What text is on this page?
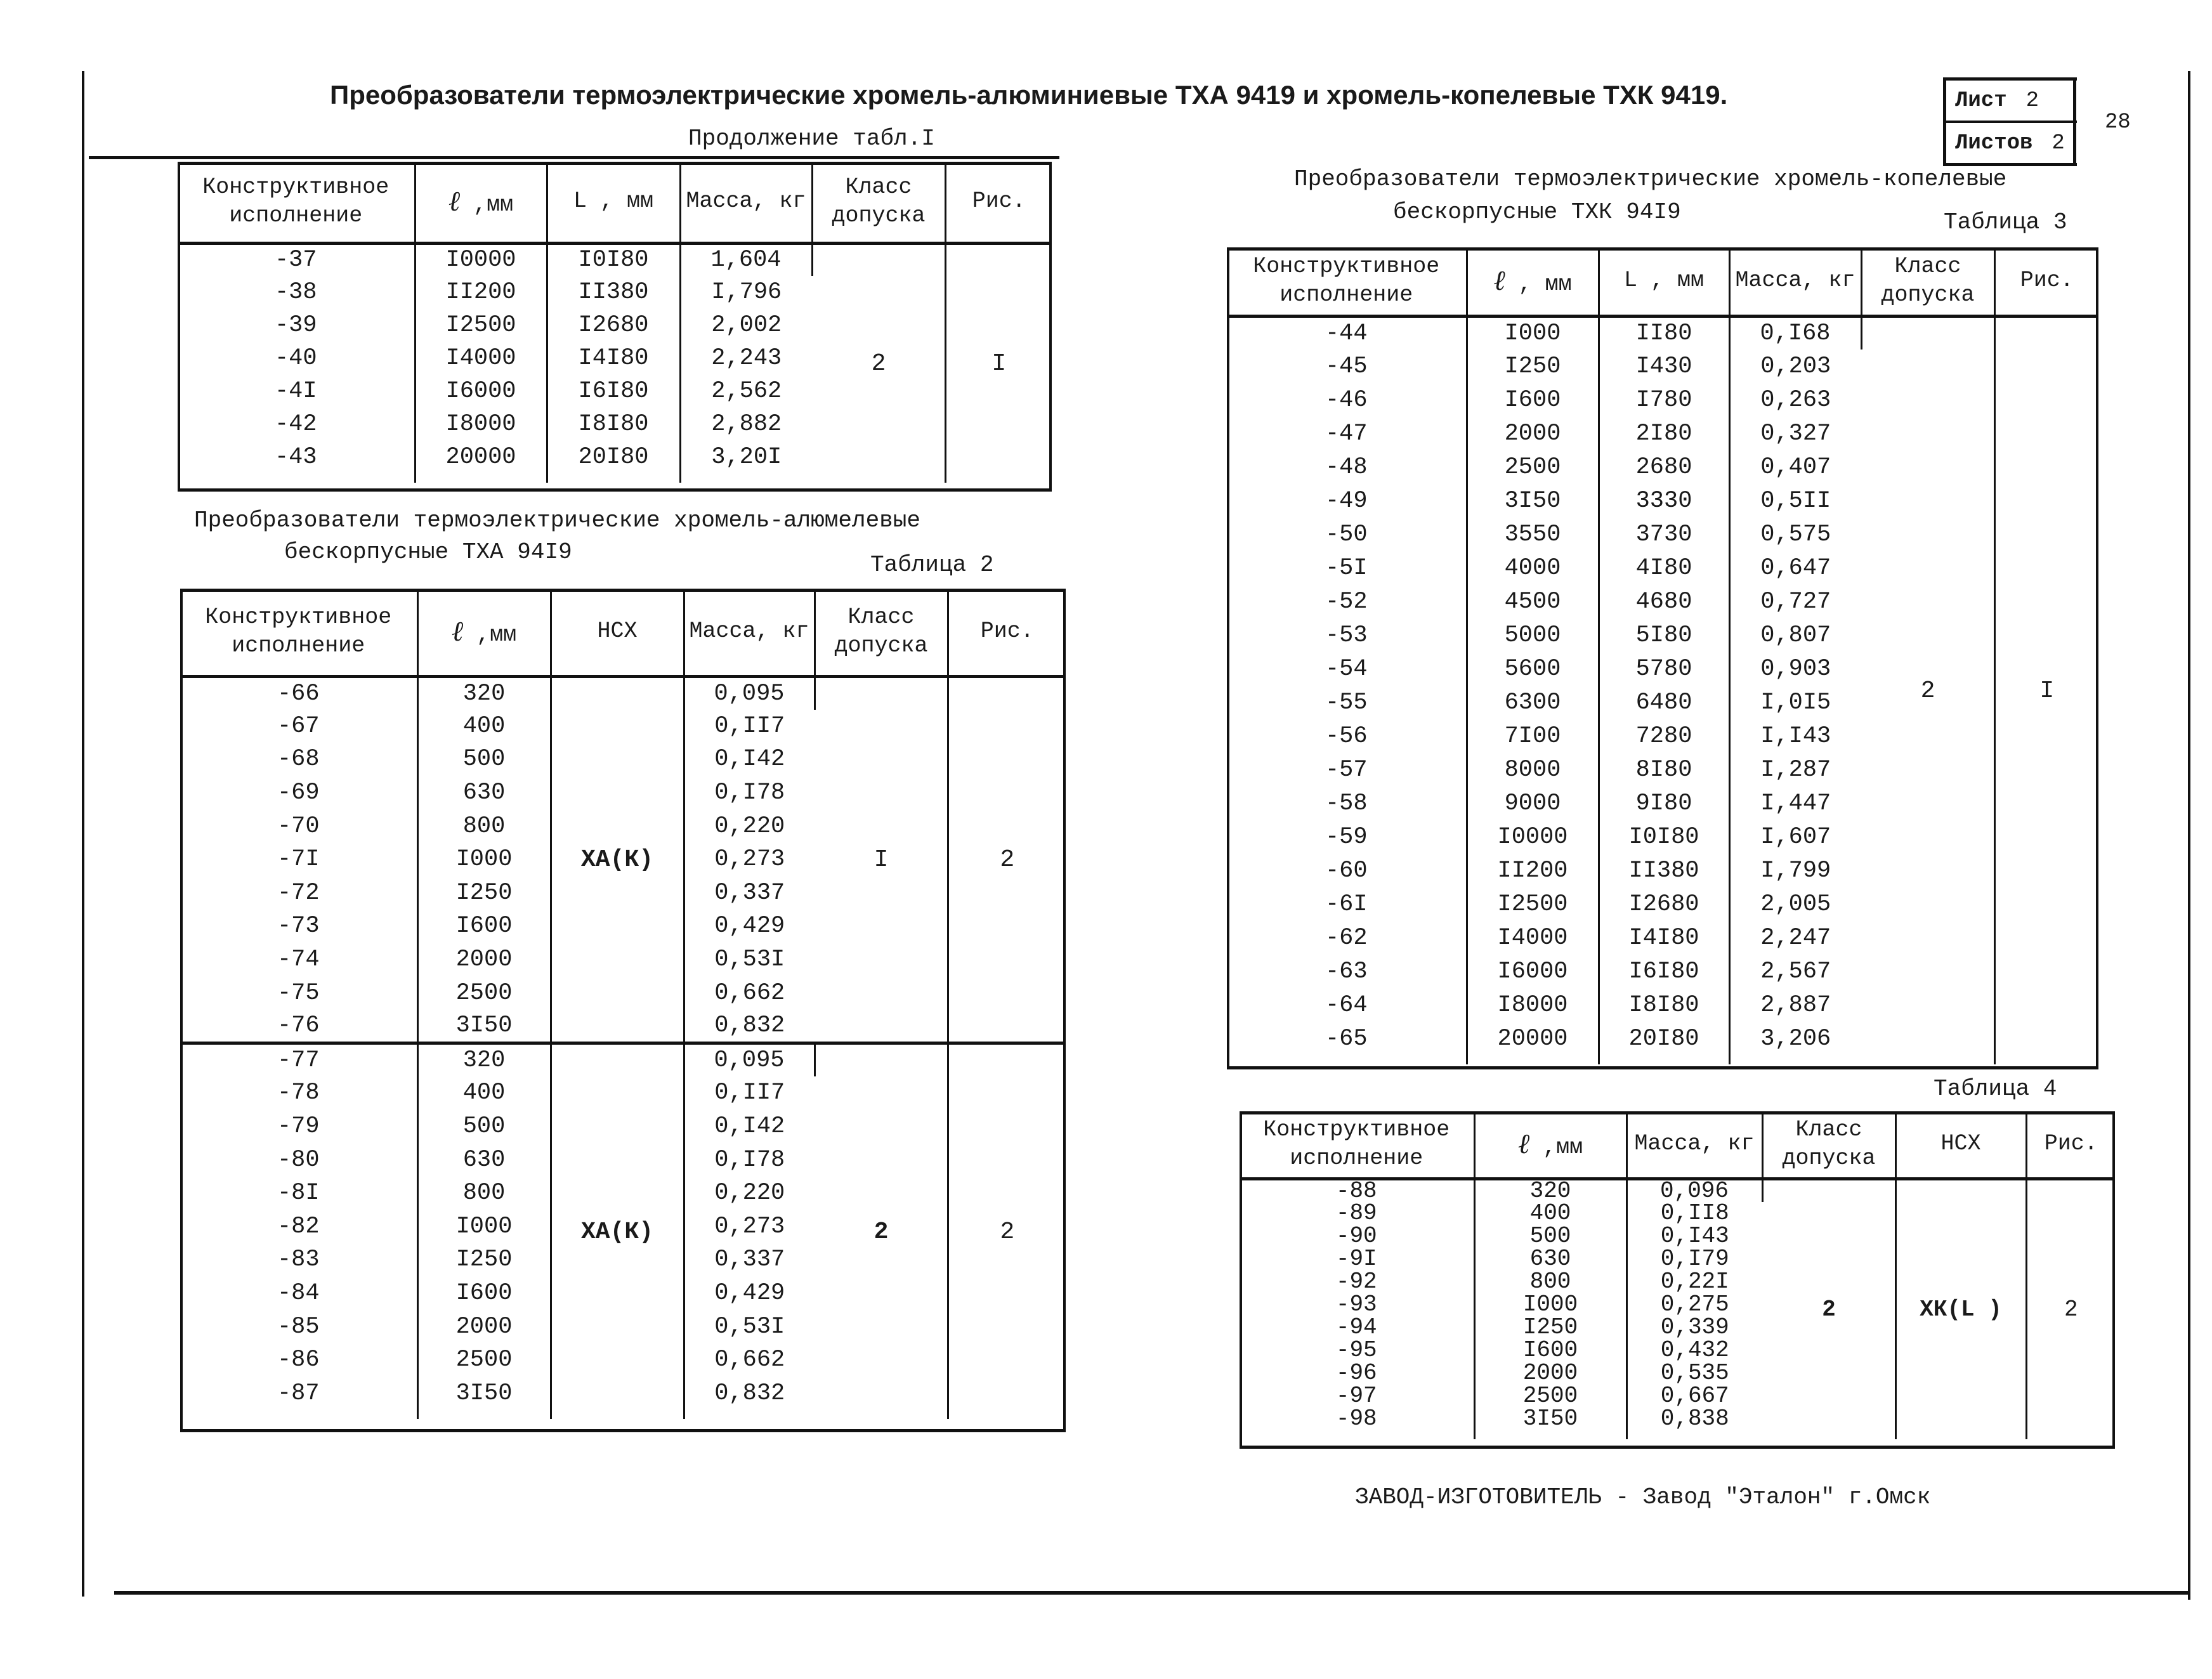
Преобразователи термоэлектрические хромель-алюминиевые ТХА 9419 и хромель-копелевые ТХК 9419.	Лист 2
Листов 2
28
Продолжение табл.I
Конструктивное исполнение	ℓ ,мм	L , мм	Масса, кг	Класс допуска	Рис.
-37	I0000	I0I80	1,604	2	I
-38	II200	II380	I,796		
-39	I2500	I2680	2,002		
-40	I4000	I4I80	2,243		
-4I	I6000	I6I80	2,562		
-42	I8000	I8I80	2,882		
-43	20000	20I80	3,20I		

Преобразователи термоэлектрические хромель-алюмелевые
бескорпусные ТХА 94I9	Таблица 2
Конструктивное исполнение	ℓ ,мм	НСХ	Масса, кг	Класс допуска	Рис.
-66	320	ХА(К)	0,095	I	2
-67	400		0,II7		
-68	500		0,I42		
-69	630		0,I78		
-70	800		0,220		
-7I	I000		0,273		
-72	I250		0,337		
-73	I600		0,429		
-74	2000		0,53I		
-75	2500		0,662		
-76	3I50		0,832		
-77	320	ХА(К)	0,095	2	2
-78	400		0,II7		
-79	500		0,I42		
-80	630		0,I78		
-8I	800		0,220		
-82	I000		0,273		
-83	I250		0,337		
-84	I600		0,429		
-85	2000		0,53I		
-86	2500		0,662		
-87	3I50		0,832		

Преобразователи термоэлектрические хромель-копелевые
бескорпусные ТХК 94I9	Таблица 3
Конструктивное исполнение	ℓ , мм	L , мм	Масса, кг	Класс допуска	Рис.
-44	I000	II80	0,I68	2	I
-45	I250	I430	0,203		
-46	I600	I780	0,263		
-47	2000	2I80	0,327		
-48	2500	2680	0,407		
-49	3I50	3330	0,5II		
-50	3550	3730	0,575		
-5I	4000	4I80	0,647		
-52	4500	4680	0,727		
-53	5000	5I80	0,807		
-54	5600	5780	0,903		
-55	6300	6480	I,0I5		
-56	7I00	7280	I,I43		
-57	8000	8I80	I,287		
-58	9000	9I80	I,447		
-59	I0000	I0I80	I,607		
-60	II200	II380	I,799		
-6I	I2500	I2680	2,005		
-62	I4000	I4I80	2,247		
-63	I6000	I6I80	2,567		
-64	I8000	I8I80	2,887		
-65	20000	20I80	3,206		

Таблица 4
Конструктивное исполнение	ℓ ,мм	Масса, кг	Класс допуска	НСХ	Рис.
-88	320	0,096	2	ХК(L )	2
-89	400	0,II8			
-90	500	0,I43			
-9I	630	0,I79			
-92	800	0,22I			
-93	I000	0,275			
-94	I250	0,339			
-95	I600	0,432			
-96	2000	0,535			
-97	2500	0,667			
-98	3I50	0,838			

ЗАВОД-ИЗГОТОВИТЕЛЬ - Завод "Эталон" г.Омск
